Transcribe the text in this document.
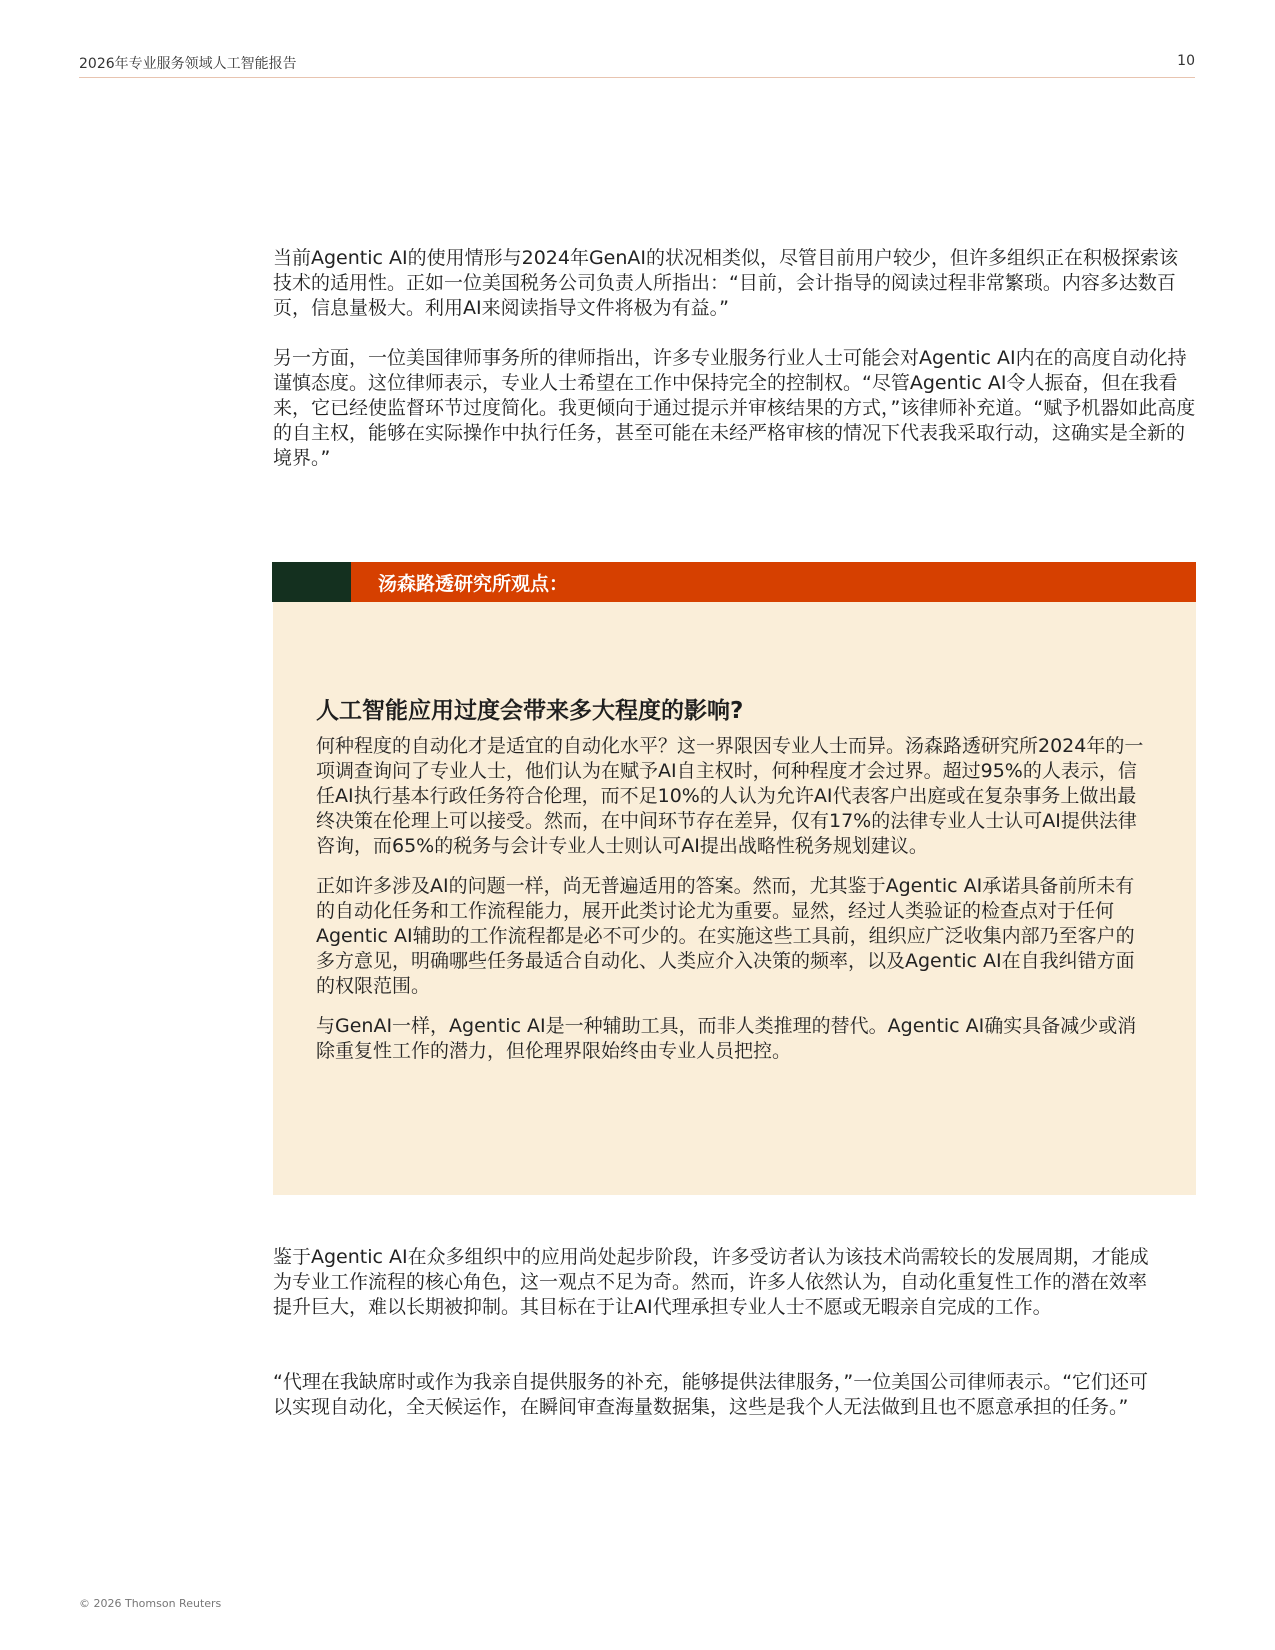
2026年专业服务领域人工智能报告	10

当前Agentic AI的使用情形与2024年GenAI的状况相类似，尽管目前用户较少，但许多组织正在积极探索该技术的适用性。正如一位美国税务公司负责人所指出：“目前，会计指导的阅读过程非常繁琐。内容多达数百页，信息量极大。利用AI来阅读指导文件将极为有益。”

另一方面，一位美国律师事务所的律师指出，许多专业服务行业人士可能会对Agentic AI内在的高度自动化持谨慎态度。这位律师表示，专业人士希望在工作中保持完全的控制权。“尽管Agentic AI令人振奋，但在我看来，它已经使监督环节过度简化。我更倾向于通过提示并审核结果的方式，”该律师补充道。“赋予机器如此高度的自主权，能够在实际操作中执行任务，甚至可能在未经严格审核的情况下代表我采取行动，这确实是全新的境界。”

汤森路透研究所观点：
人工智能应用过度会带来多大程度的影响?

何种程度的自动化才是适宜的自动化水平？这一界限因专业人士而异。汤森路透研究所2024年的一项调查询问了专业人士，他们认为在赋予AI自主权时，何种程度才会过界。超过95%的人表示，信任AI执行基本行政任务符合伦理，而不足10%的人认为允许AI代表客户出庭或在复杂事务上做出最终决策在伦理上可以接受。然而，在中间环节存在差异，仅有17%的法律专业人士认可AI提供法律咨询，而65%的税务与会计专业人士则认可AI提出战略性税务规划建议。

正如许多涉及AI的问题一样，尚无普遍适用的答案。然而，尤其鉴于Agentic AI承诺具备前所未有的自动化任务和工作流程能力，展开此类讨论尤为重要。显然，经过人类验证的检查点对于任何Agentic AI辅助的工作流程都是必不可少的。在实施这些工具前，组织应广泛收集内部乃至客户的多方意见，明确哪些任务最适合自动化、人类应介入决策的频率，以及Agentic AI在自我纠错方面的权限范围。

与GenAI一样，Agentic AI是一种辅助工具，而非人类推理的替代。Agentic AI确实具备减少或消除重复性工作的潜力，但伦理界限始终由专业人员把控。

鉴于Agentic AI在众多组织中的应用尚处起步阶段，许多受访者认为该技术尚需较长的发展周期，才能成为专业工作流程的核心角色，这一观点不足为奇。然而，许多人依然认为，自动化重复性工作的潜在效率提升巨大，难以长期被抑制。其目标在于让AI代理承担专业人士不愿或无暇亲自完成的工作。

“代理在我缺席时或作为我亲自提供服务的补充，能够提供法律服务，”一位美国公司律师表示。“它们还可以实现自动化，全天候运作，在瞬间审查海量数据集，这些是我个人无法做到且也不愿意承担的任务。”

© 2026 Thomson Reuters
